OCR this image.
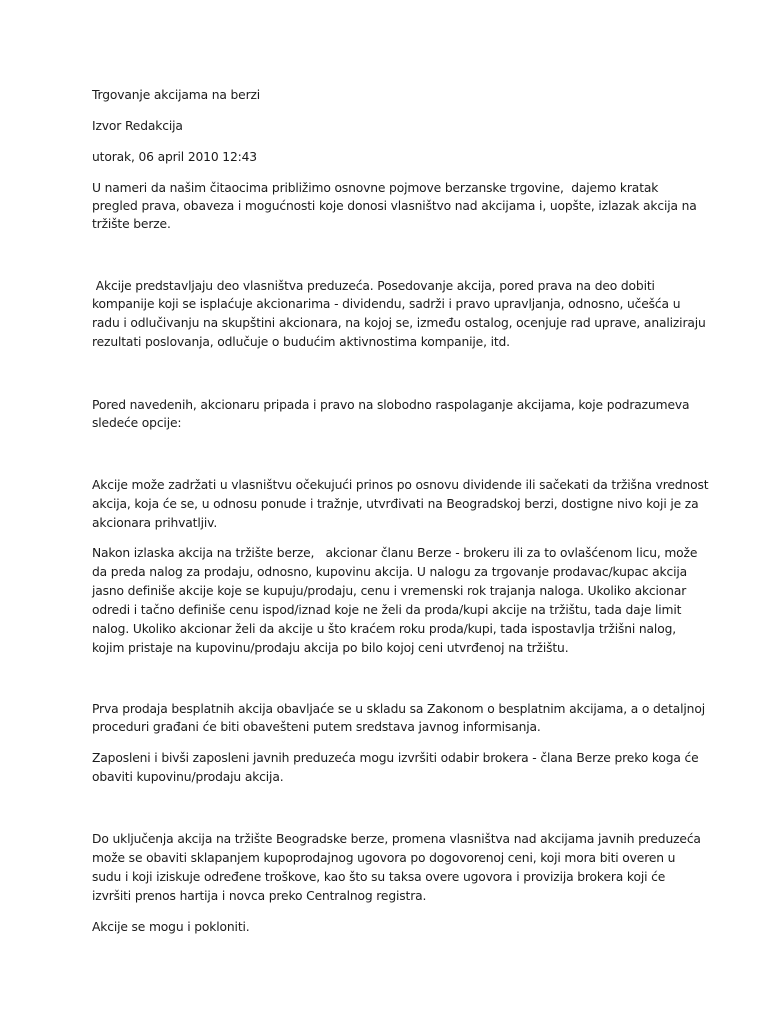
Trgovanje akcijama na berzi
Izvor Redakcija
utorak, 06 april 2010 12:43
U nameri da našim čitaocima približimo osnovne pojmove berzanske trgovine,  dajemo kratak
pregled prava, obaveza i mogućnosti koje donosi vlasništvo nad akcijama i, uopšte, izlazak akcija na
tržište berze.
Akcije predstavljaju deo vlasništva preduzeća. Posedovanje akcija, pored prava na deo dobiti
kompanije koji se isplaćuje akcionarima - dividendu, sadrži i pravo upravljanja, odnosno, učešća u
radu i odlučivanju na skupštini akcionara, na kojoj se, između ostalog, ocenjuje rad uprave, analiziraju
rezultati poslovanja, odlučuje o budućim aktivnostima kompanije, itd.
Pored navedenih, akcionaru pripada i pravo na slobodno raspolaganje akcijama, koje podrazumeva
sledeće opcije:
Akcije može zadržati u vlasništvu očekujući prinos po osnovu dividende ili sačekati da tržišna vrednost
akcija, koja će se, u odnosu ponude i tražnje, utvrđivati na Beogradskoj berzi, dostigne nivo koji je za
akcionara prihvatljiv.
Nakon izlaska akcija na tržište berze,   akcionar članu Berze - brokeru ili za to ovlašćenom licu, može
da preda nalog za prodaju, odnosno, kupovinu akcija. U nalogu za trgovanje prodavac/kupac akcija
jasno definiše akcije koje se kupuju/prodaju, cenu i vremenski rok trajanja naloga. Ukoliko akcionar
odredi i tačno definiše cenu ispod/iznad koje ne želi da proda/kupi akcije na tržištu, tada daje limit
nalog. Ukoliko akcionar želi da akcije u što kraćem roku proda/kupi, tada ispostavlja tržišni nalog,
kojim pristaje na kupovinu/prodaju akcija po bilo kojoj ceni utvrđenoj na tržištu.
Prva prodaja besplatnih akcija obavljaće se u skladu sa Zakonom o besplatnim akcijama, a o detaljnoj
proceduri građani će biti obavešteni putem sredstava javnog informisanja.
Zaposleni i bivši zaposleni javnih preduzeća mogu izvršiti odabir brokera - člana Berze preko koga će
obaviti kupovinu/prodaju akcija.
Do uključenja akcija na tržište Beogradske berze, promena vlasništva nad akcijama javnih preduzeća
može se obaviti sklapanjem kupoprodajnog ugovora po dogovorenoj ceni, koji mora biti overen u
sudu i koji iziskuje određene troškove, kao što su taksa overe ugovora i provizija brokera koji će
izvršiti prenos hartija i novca preko Centralnog registra.
Akcije se mogu i pokloniti.
